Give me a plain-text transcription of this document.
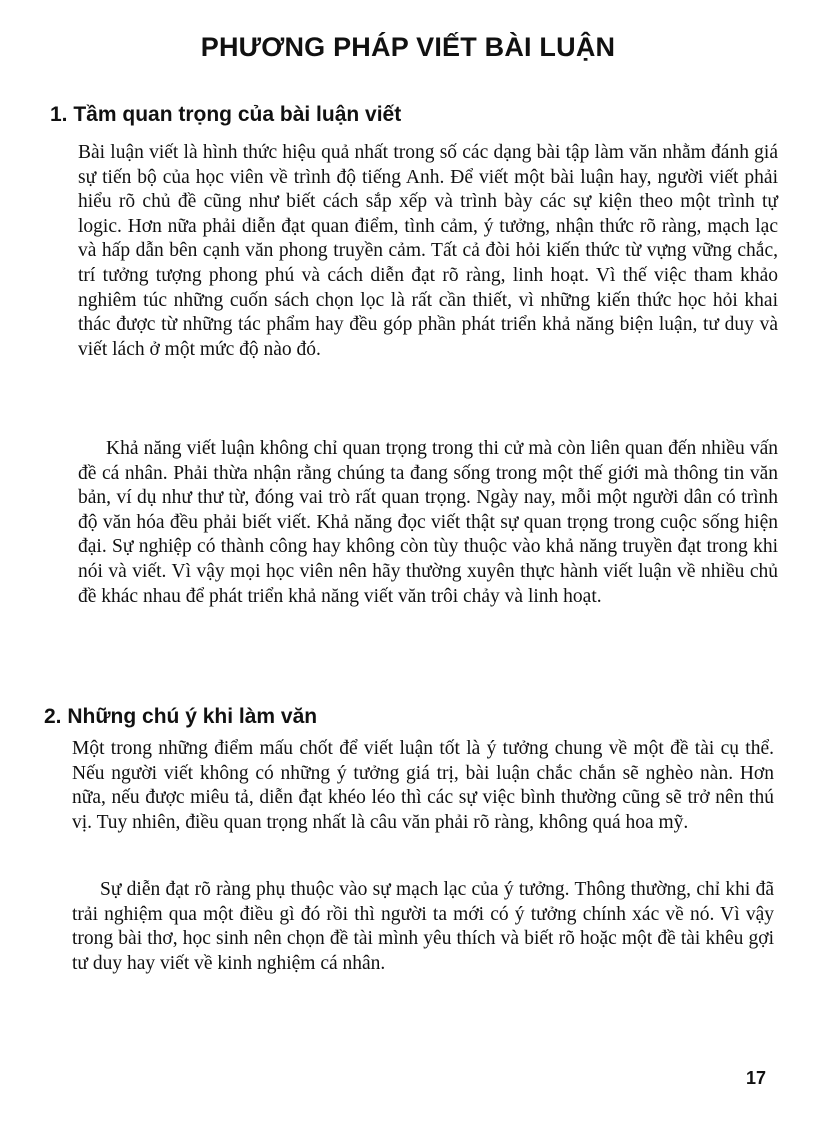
PHƯƠNG PHÁP VIẾT BÀI LUẬN
1. Tầm quan trọng của bài luận viết

Bài luận viết là hình thức hiệu quả nhất trong số các dạng bài tập làm văn nhằm đánh giá sự tiến bộ của học viên về trình độ tiếng Anh. Để viết một bài luận hay, người viết phải hiểu rõ chủ đề cũng như biết cách sắp xếp và trình bày các sự kiện theo một trình tự logic. Hơn nữa phải diễn đạt quan điểm, tình cảm, ý tưởng, nhận thức rõ ràng, mạch lạc và hấp dẫn bên cạnh văn phong truyền cảm. Tất cả đòi hỏi kiến thức từ vựng vững chắc, trí tưởng tượng phong phú và cách diễn đạt rõ ràng, linh hoạt. Vì thế việc tham khảo nghiêm túc những cuốn sách chọn lọc là rất cần thiết, vì những kiến thức học hỏi khai thác được từ những tác phẩm hay đều góp phần phát triển khả năng biện luận, tư duy và viết lách ở một mức độ nào đó.

Khả năng viết luận không chỉ quan trọng trong thi cử mà còn liên quan đến nhiều vấn đề cá nhân. Phải thừa nhận rằng chúng ta đang sống trong một thế giới mà thông tin văn bản, ví dụ như thư từ, đóng vai trò rất quan trọng. Ngày nay, mỗi một người dân có trình độ văn hóa đều phải biết viết. Khả năng đọc viết thật sự quan trọng trong cuộc sống hiện đại. Sự nghiệp có thành công hay không còn tùy thuộc vào khả năng truyền đạt trong khi nói và viết. Vì vậy mọi học viên nên hãy thường xuyên thực hành viết luận về nhiều chủ đề khác nhau để phát triển khả năng viết văn trôi chảy và linh hoạt.

2. Những chú ý khi làm văn

Một trong những điểm mấu chốt để viết luận tốt là ý tưởng chung về một đề tài cụ thể. Nếu người viết không có những ý tưởng giá trị, bài luận chắc chắn sẽ nghèo nàn. Hơn nữa, nếu được miêu tả, diễn đạt khéo léo thì các sự việc bình thường cũng sẽ trở nên thú vị. Tuy nhiên, điều quan trọng nhất là câu văn phải rõ ràng, không quá hoa mỹ.

Sự diễn đạt rõ ràng phụ thuộc vào sự mạch lạc của ý tưởng. Thông thường, chỉ khi đã trải nghiệm qua một điều gì đó rồi thì người ta mới có ý tưởng chính xác về nó. Vì vậy trong bài thơ, học sinh nên chọn đề tài mình yêu thích và biết rõ hoặc một đề tài khêu gợi tư duy hay viết về kinh nghiệm cá nhân.

17
